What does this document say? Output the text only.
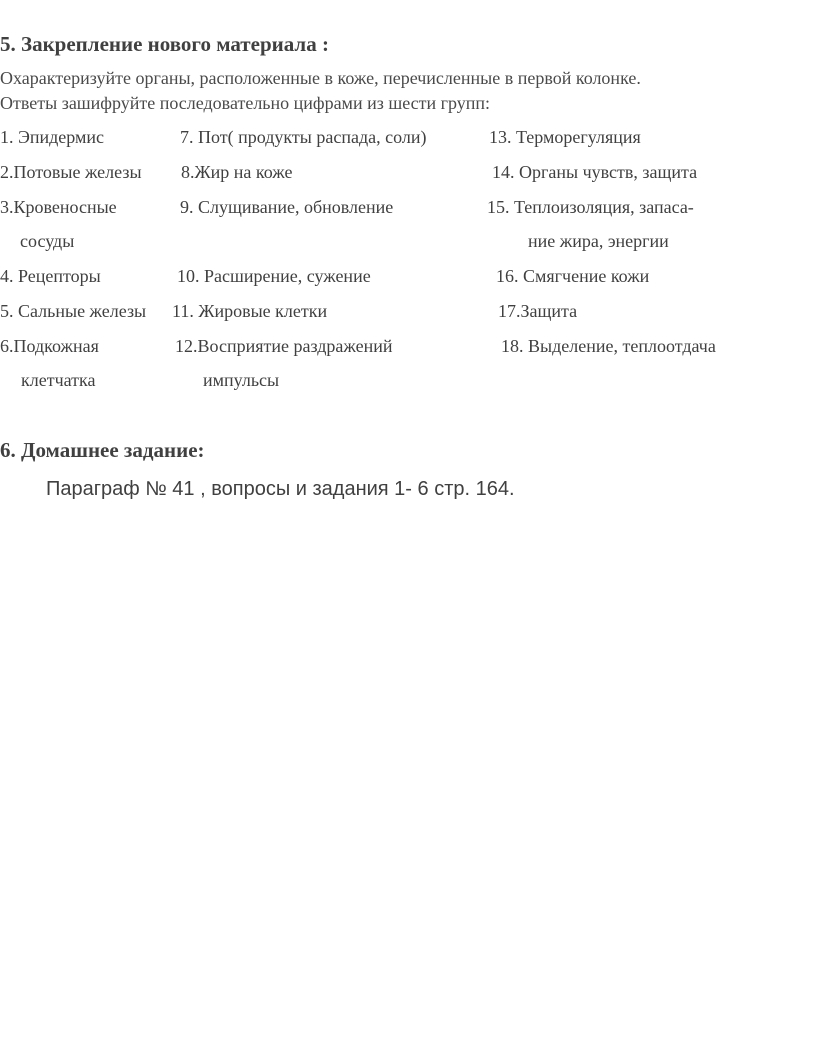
5. Закрепление нового материала :
Охарактеризуйте органы, расположенные в коже, перечисленные в первой колонке.
Ответы зашифруйте последовательно цифрами из шести групп:
1. Эпидермис	7. Пот( продукты распада, соли)	13. Терморегуляция
2.Потовые железы 8.Жир на коже	14. Органы чувств, защита
3.Кровеносные	9. Слущивание, обновление	15. Теплоизоляция, запаса-
сосуды	ние жира, энергии
4. Рецепторы	10. Расширение, сужение	16. Смягчение кожи
5. Сальные железы 11. Жировые клетки	17.Защита
6.Подкожная	12.Восприятие раздражений	18. Выделение, теплоотдача
клетчатка	импульсы
6. Домашнее задание:
Параграф № 41 , вопросы и задания 1- 6 стр. 164.
